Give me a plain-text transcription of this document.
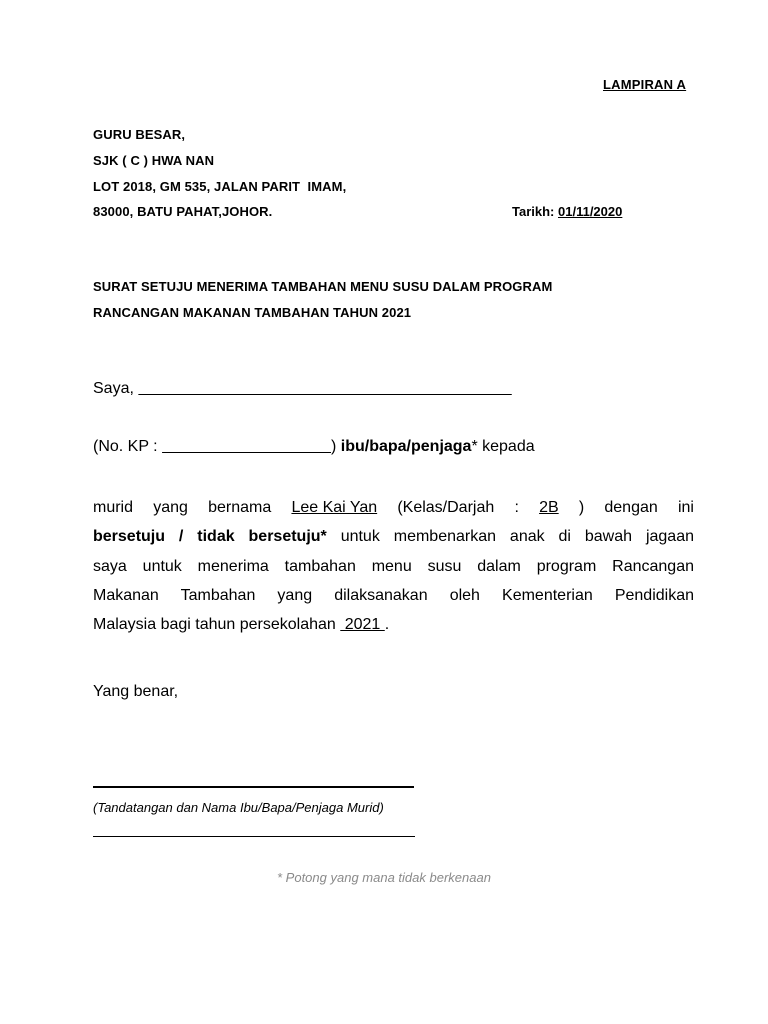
LAMPIRAN A
GURU BESAR,
SJK ( C ) HWA NAN
LOT 2018, GM 535, JALAN PARIT  IMAM,
83000, BATU PAHAT,JOHOR.	Tarikh: 01/11/2020
SURAT SETUJU MENERIMA TAMBAHAN MENU SUSU DALAM PROGRAM
RANCANGAN MAKANAN TAMBAHAN TAHUN 2021
Saya,
(No. KP :	) ibu/bapa/penjaga* kepada
murid yang bernama Lee Kai Yan (Kelas/Darjah : 2B ) dengan ini
bersetuju / tidak bersetuju* untuk membenarkan anak di bawah jagaan
saya untuk menerima tambahan menu susu dalam program Rancangan
Makanan Tambahan yang dilaksanakan oleh Kementerian Pendidikan
Malaysia bagi tahun persekolahan  2021 .
Yang benar,
(Tandatangan dan Nama Ibu/Bapa/Penjaga Murid)
* Potong yang mana tidak berkenaan
